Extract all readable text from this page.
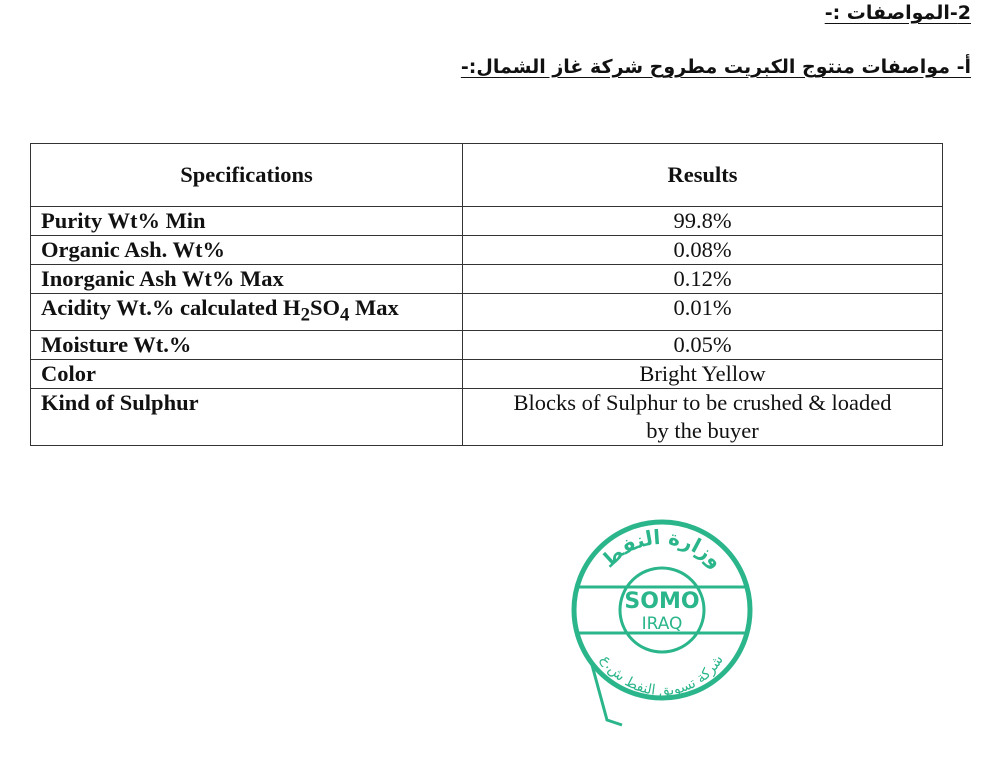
2-المواصفات :-
أ- مواصفات منتوج الكبريت مطروح شركة غاز الشمال:-
Specifications	Results
Purity Wt% Min	99.8%
Organic Ash. Wt%	0.08%
Inorganic Ash Wt% Max	0.12%
Acidity Wt.% calculated $H_2SO_4$ Max	0.01%
Moisture Wt.%	0.05%
Color	Bright Yellow
Kind of Sulphur	Blocks of Sulphur to be crushed & loaded
by the buyer
وزارة النفط
SOMO
IRAQ
شركة تسويق النفط ش.ع
